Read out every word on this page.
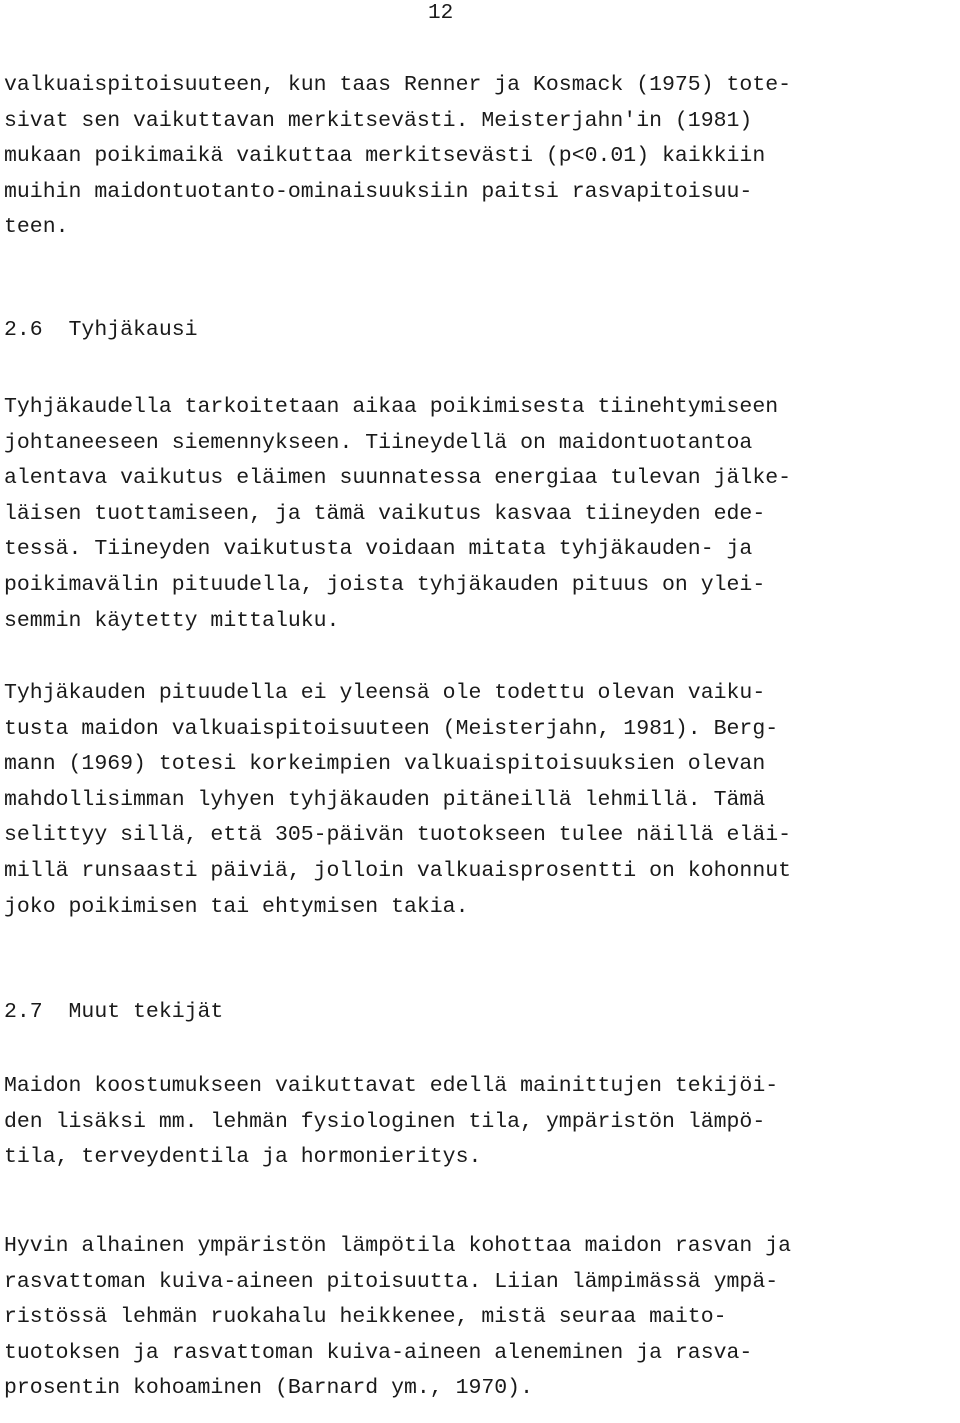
12
valkuaispitoisuuteen, kun taas Renner ja Kosmack (1975) tote-
sivat sen vaikuttavan merkitsevästi. Meisterjahn'in (1981)
mukaan poikimaikä vaikuttaa merkitsevästi (p<0.01) kaikkiin
muihin maidontuotanto-ominaisuuksiin paitsi rasvapitoisuu-
teen.
2.6  Tyhjäkausi
Tyhjäkaudella tarkoitetaan aikaa poikimisesta tiinehtymiseen
johtaneeseen siemennykseen. Tiineydellä on maidontuotantoa
alentava vaikutus eläimen suunnatessa energiaa tulevan jälke-
läisen tuottamiseen, ja tämä vaikutus kasvaa tiineyden ede-
tessä. Tiineyden vaikutusta voidaan mitata tyhjäkauden- ja
poikimavälin pituudella, joista tyhjäkauden pituus on ylei-
semmin käytetty mittaluku.
Tyhjäkauden pituudella ei yleensä ole todettu olevan vaiku-
tusta maidon valkuaispitoisuuteen (Meisterjahn, 1981). Berg-
mann (1969) totesi korkeimpien valkuaispitoisuuksien olevan
mahdollisimman lyhyen tyhjäkauden pitäneillä lehmillä. Tämä
selittyy sillä, että 305-päivän tuotokseen tulee näillä eläi-
millä runsaasti päiviä, jolloin valkuaisprosentti on kohonnut
joko poikimisen tai ehtymisen takia.
2.7  Muut tekijät
Maidon koostumukseen vaikuttavat edellä mainittujen tekijöi-
den lisäksi mm. lehmän fysiologinen tila, ympäristön lämpö-
tila, terveydentila ja hormonieritys.
Hyvin alhainen ympäristön lämpötila kohottaa maidon rasvan ja
rasvattoman kuiva-aineen pitoisuutta. Liian lämpimässä ympä-
ristössä lehmän ruokahalu heikkenee, mistä seuraa maito-
tuotoksen ja rasvattoman kuiva-aineen aleneminen ja rasva-
prosentin kohoaminen (Barnard ym., 1970).
